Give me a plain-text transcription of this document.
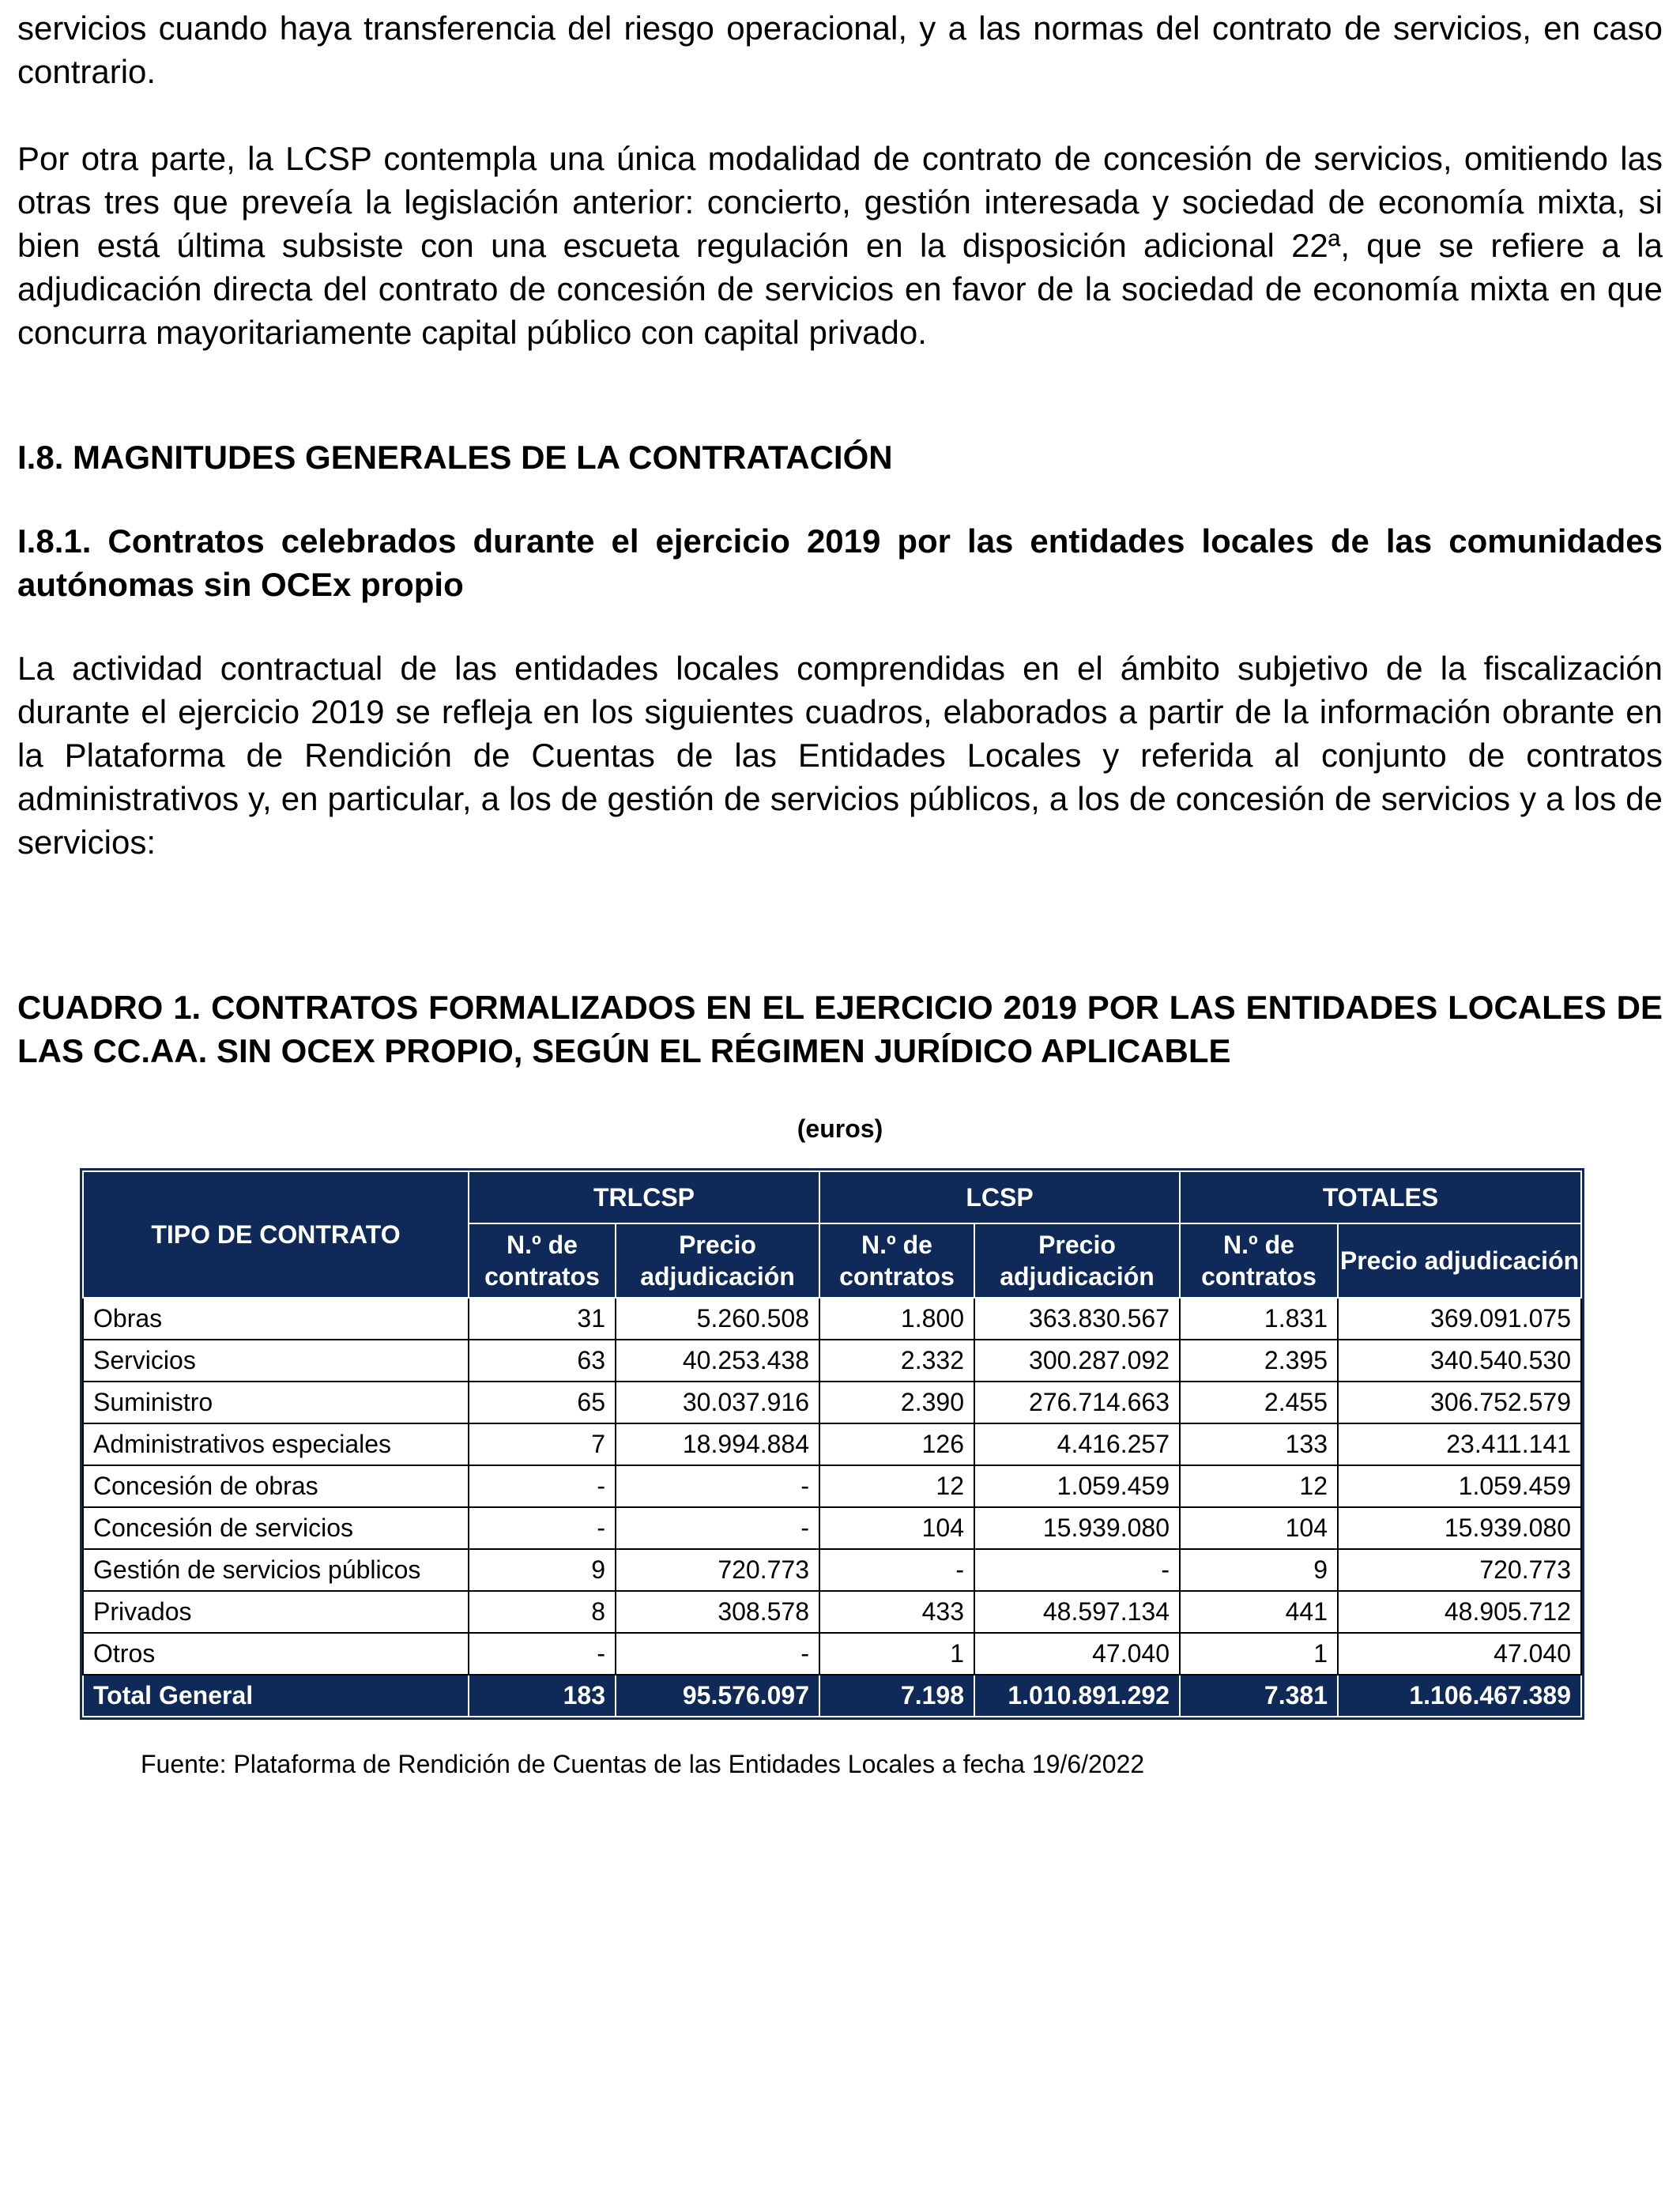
servicios cuando haya transferencia del riesgo operacional, y a las normas del contrato de servicios, en caso contrario.

Por otra parte, la LCSP contempla una única modalidad de contrato de concesión de servicios, omitiendo las otras tres que preveía la legislación anterior: concierto, gestión interesada y sociedad de economía mixta, si bien está última subsiste con una escueta regulación en la disposición adicional 22ª, que se refiere a la adjudicación directa del contrato de concesión de servicios en favor de la sociedad de economía mixta en que concurra mayoritariamente capital público con capital privado.

I.8. MAGNITUDES GENERALES DE LA CONTRATACIÓN
I.8.1. Contratos celebrados durante el ejercicio 2019 por las entidades locales de las comunidades autónomas sin OCEx propio

La actividad contractual de las entidades locales comprendidas en el ámbito subjetivo de la fiscalización durante el ejercicio 2019 se refleja en los siguientes cuadros, elaborados a partir de la información obrante en la Plataforma de Rendición de Cuentas de las Entidades Locales y referida al conjunto de contratos administrativos y, en particular, a los de gestión de servicios públicos, a los de concesión de servicios y a los de servicios:

CUADRO 1. CONTRATOS FORMALIZADOS EN EL EJERCICIO 2019 POR LAS ENTIDADES LOCALES DE LAS CC.AA. SIN OCEX PROPIO, SEGÚN EL RÉGIMEN JURÍDICO APLICABLE
(euros)
TIPO DE CONTRATO	TRLCSP		LCSP		TOTALES	
	N.º de contratos	Precio adjudicación	N.º de contratos	Precio adjudicación	N.º de contratos	Precio adjudicación
Obras	31	5.260.508	1.800	363.830.567	1.831	369.091.075
Servicios	63	40.253.438	2.332	300.287.092	2.395	340.540.530
Suministro	65	30.037.916	2.390	276.714.663	2.455	306.752.579
Administrativos especiales	7	18.994.884	126	4.416.257	133	23.411.141
Concesión de obras	-	-	12	1.059.459	12	1.059.459
Concesión de servicios	-	-	104	15.939.080	104	15.939.080
Gestión de servicios públicos	9	720.773	-	-	9	720.773
Privados	8	308.578	433	48.597.134	441	48.905.712
Otros	-	-	1	47.040	1	47.040
Total General	183	95.576.097	7.198	1.010.891.292	7.381	1.106.467.389

Fuente: Plataforma de Rendición de Cuentas de las Entidades Locales a fecha 19/6/2022
